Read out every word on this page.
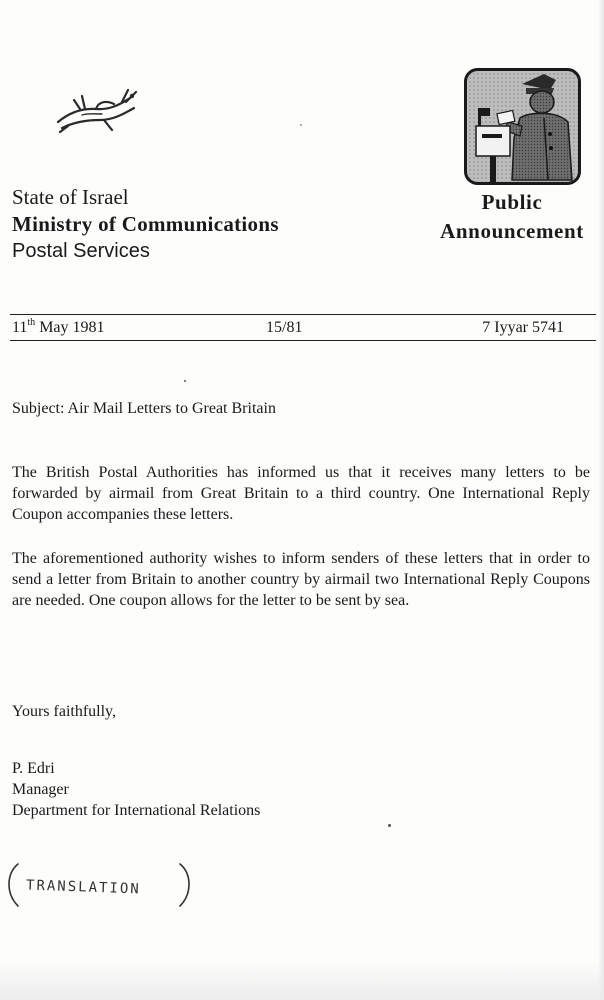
State of Israel
Ministry of Communications
Postal Services
Public
Announcement
11th May 1981	15/81	7 Iyyar 5741
Subject: Air Mail Letters to Great Britain

The British Postal Authorities has informed us that it receives many letters to be forwarded by airmail from Great Britain to a third country. One International Reply Coupon accompanies these letters.

The aforementioned authority wishes to inform senders of these letters that in order to send a letter from Britain to another country by airmail two International Reply Coupons are needed. One coupon allows for the letter to be sent by sea.

Yours faithfully,
P. Edri
Manager
Department for International Relations
TRANSLATION
